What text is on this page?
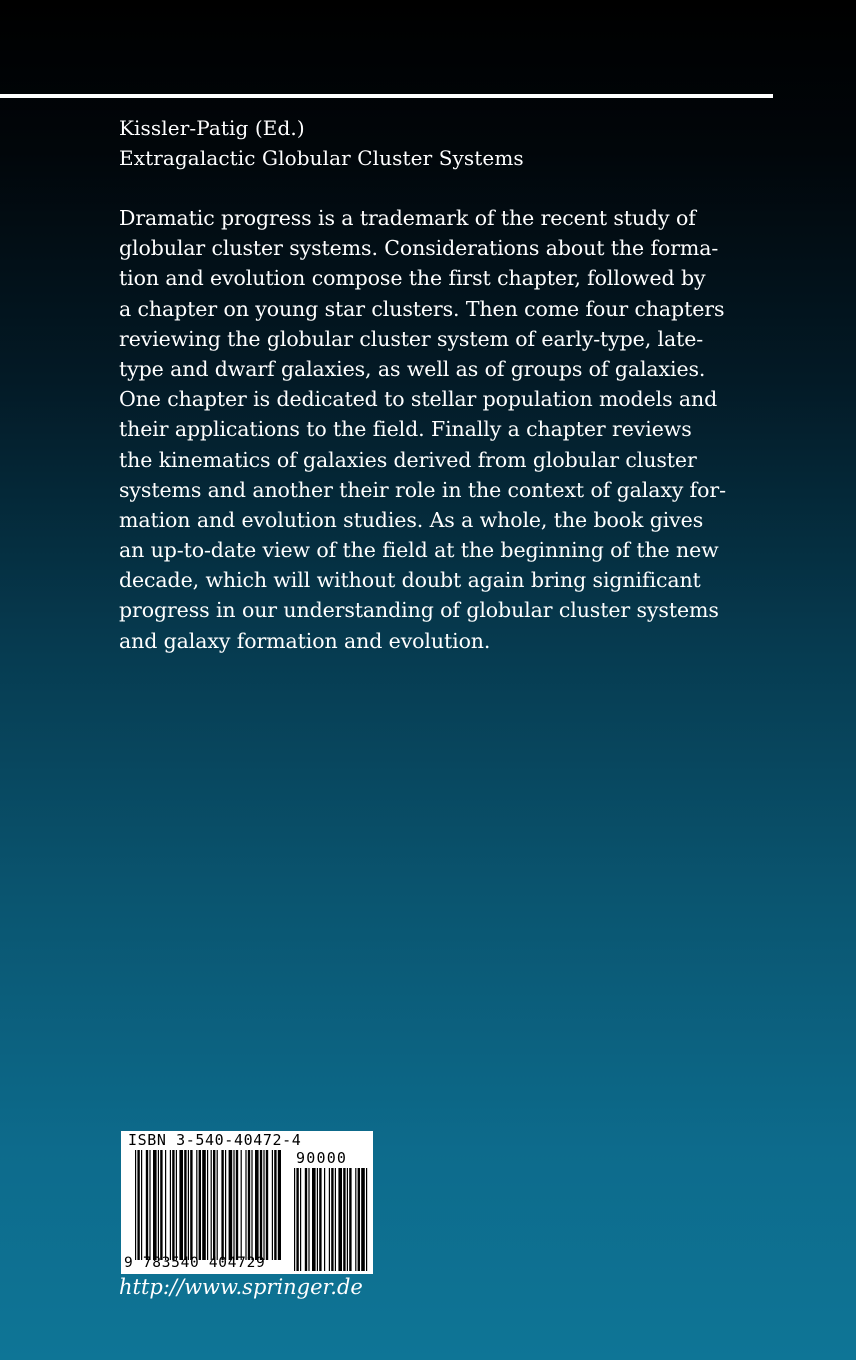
Kissler-Patig (Ed.)
Extragalactic Globular Cluster Systems
Dramatic progress is a trademark of the recent study of
globular cluster systems. Considerations about the forma-
tion and evolution compose the first chapter, followed by
a chapter on young star clusters. Then come four chapters
reviewing the globular cluster system of early-type, late-
type and dwarf galaxies, as well as of groups of galaxies.
One chapter is dedicated to stellar population models and
their applications to the field. Finally a chapter reviews
the kinematics of galaxies derived from globular cluster
systems and another their role in the context of galaxy for-
mation and evolution studies. As a whole, the book gives
an up-to-date view of the field at the beginning of the new
decade, which will without doubt again bring significant
progress in our understanding of globular cluster systems
and galaxy formation and evolution.
ISBN 3-540-40472-4
90000
9 783540 404729
http://www.springer.de
